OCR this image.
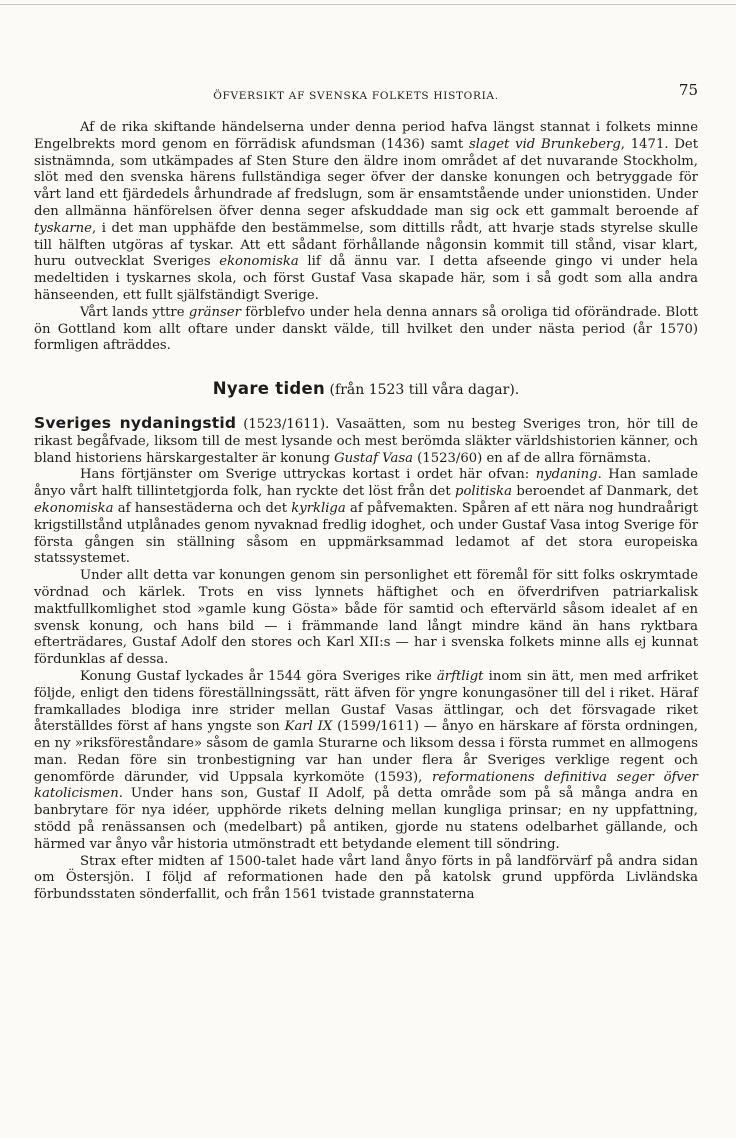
ÖFVERSIKT AF SVENSKA FOLKETS HISTORIA.	75

Af de rika skiftande händelserna under denna period hafva längst stannat i folkets minne Engelbrekts mord genom en förrädisk afundsman (1436) samt slaget vid Brunkeberg, 1471. Det sistnämnda, som utkämpades af Sten Sture den äldre inom området af det nuvarande Stockholm, slöt med den svenska härens fullständiga seger öfver der danske konungen och betryggade för vårt land ett fjärdedels århundrade af fredslugn, som är ensamtstående under unionstiden. Under den allmänna hänförelsen öfver denna seger afskuddade man sig ock ett gammalt beroende af tyskarne, i det man upphäfde den bestämmelse, som dittills rådt, att hvarje stads styrelse skulle till hälften utgöras af tyskar. Att ett sådant förhållande någonsin kommit till stånd, visar klart, huru outvecklat Sveriges ekonomiska lif då ännu var. I detta afseende gingo vi under hela medeltiden i tyskarnes skola, och först Gustaf Vasa skapade här, som i så godt som alla andra hänseenden, ett fullt själfständigt Sverige.

Vårt lands yttre gränser förblefvo under hela denna annars så oroliga tid oförändrade. Blott ön Gottland kom allt oftare under danskt välde, till hvilket den under nästa period (år 1570) formligen afträddes.

Nyare tiden (från 1523 till våra dagar).

Sveriges nydaningstid (1523/1611). Vasaätten, som nu besteg Sveriges tron, hör till de rikast begåfvade, liksom till de mest lysande och mest berömda släkter världshistorien känner, och bland historiens härskargestalter är konung Gustaf Vasa (1523/60) en af de allra förnämsta.

Hans förtjänster om Sverige uttryckas kortast i ordet här ofvan: nydaning. Han samlade ånyo vårt halft tillintetgjorda folk, han ryckte det löst från det politiska beroendet af Danmark, det ekonomiska af hansestäderna och det kyrkliga af påfvemakten. Spåren af ett nära nog hundraårigt krigstillstånd utplånades genom nyvaknad fredlig idoghet, och under Gustaf Vasa intog Sverige för första gången sin ställning såsom en uppmärksammad ledamot af det stora europeiska statssystemet.

Under allt detta var konungen genom sin personlighet ett föremål för sitt folks oskrymtade vördnad och kärlek. Trots en viss lynnets häftighet och en öfverdrifven patriarkalisk maktfullkomlighet stod »gamle kung Gösta» både för samtid och eftervärld såsom idealet af en svensk konung, och hans bild — i främmande land långt mindre känd än hans ryktbara efterträdares, Gustaf Adolf den stores och Karl XII:s — har i svenska folkets minne alls ej kunnat fördunklas af dessa.

Konung Gustaf lyckades år 1544 göra Sveriges rike ärftligt inom sin ätt, men med arfriket följde, enligt den tidens föreställningssätt, rätt äfven för yngre konungasöner till del i riket. Häraf framkallades blodiga inre strider mellan Gustaf Vasas ättlingar, och det försvagade riket återställdes först af hans yngste son Karl IX (1599/1611) — ånyo en härskare af första ordningen, en ny »riksföreståndare» såsom de gamla Sturarne och liksom dessa i första rummet en allmogens man. Redan före sin tronbestigning var han under flera år Sveriges verklige regent och genomförde därunder, vid Uppsala kyrkomöte (1593), reformationens definitiva seger öfver katolicismen. Under hans son, Gustaf II Adolf, på detta område som på så många andra en banbrytare för nya idéer, upphörde rikets delning mellan kungliga prinsar; en ny uppfattning, stödd på renässansen och (medelbart) på antiken, gjorde nu statens odelbarhet gällande, och härmed var ånyo vår historia utmönstradt ett betydande element till söndring.

Strax efter midten af 1500-talet hade vårt land ånyo förts in på landförvärf på andra sidan om Östersjön. I följd af reformationen hade den på katolsk grund uppförda Livländska förbundsstaten sönderfallit, och från 1561 tvistade grannstaterna
